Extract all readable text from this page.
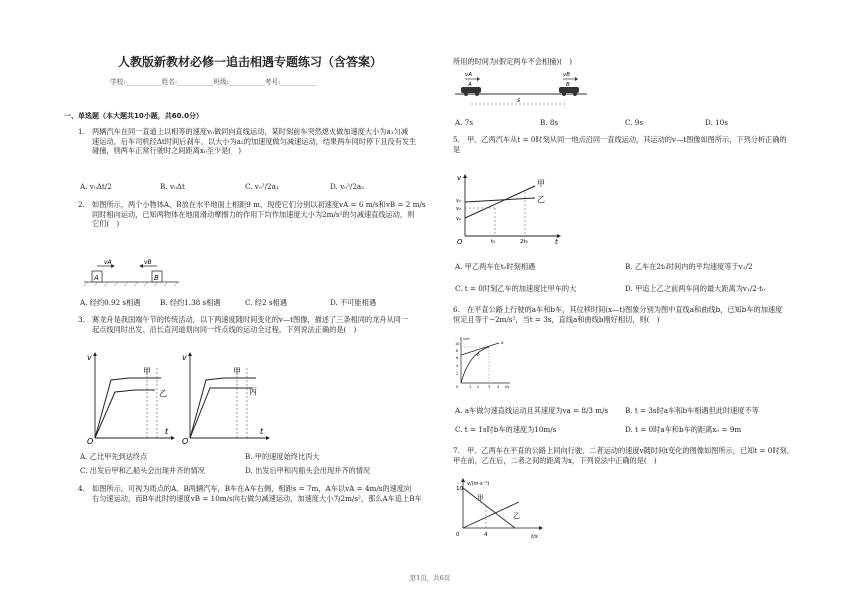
人教版新教材必修一追击相遇专题练习（含答案）
学校:___________姓名:___________班级:___________考号:___________
一、单选题（本大题共10小题，共60.0分）
1.　两辆汽车在同一直道上以相等的速度v₀做同向直线运动，某时刻前车突然熄火做加速度大小为a₁匀减
速运动，后车司机经Δt时间后刹车，以大小为a₂的加速度做匀减速运动，结果两车同时停下且没有发生
碰撞，则两车正常行驶时之间距离x₀至少是(　)
A. v₀Δt/2	B. v₀Δt	C. v₀²/2a₁	D. v₀²/2a₂
2.　如图所示，两个小物体A、B放在水平地面上相距9 m，现使它们分别以初速度vA = 6 m/s和vB = 2 m/s
同时相向运动，已知两物体在地面滑动摩擦力的作用下均作加速度大小为2m/s²的匀减速直线运动，则
它们(　)
A	B
vA	vB
A. 经约0.92 s相遇	B. 经约1.38 s相遇	C. 经2 s相遇	D. 不可能相遇
3.　赛龙舟是我国端午节的传统活动，以下两速度随时间变化的v—t图像，描述了三条相同的龙舟从同一
起点线同时出发、沿长直河道划向同一终点线的运动全过程，下列说法正确的是(　)
v
O
t
甲
乙
v
O
t
甲
丙
A. 乙比甲先到达终点	B. 甲的速度始终比丙大
C. 出发后甲和乙船头会出现并齐的情况	D. 出发后甲和丙船头会出现并齐的情况
4.　如图所示，可视为质点的A、B两辆汽车，B车在A车右侧，相距s = 7m，A车以vA = 4m/s的速度向
右匀速运动，而B车此时的速度vB = 10m/s向右做匀减速运动，加速度大小为2m/s²，那么A车追上B车
所用的时间为(假定两车不会相撞)(　)
vA	vB
A	B
s
A. 7s	B. 8s	C. 9s	D. 10s
5.　甲、乙两汽车从t = 0时刻从同一地点沿同一直线运动，其运动的v—t图像如图所示，下列分析正确的
是
v
O	t
v₁
v₂
v₂
t₀	2t₀
甲
乙
A. 甲乙两车在t₀时刻相遇	B. 乙车在2t₀时间内的平均速度等于v₂/2
C. t = 0时刻乙车的加速度比甲车的大	D. 甲追上乙之前两车间的最大距离为v₁/2·t₀
6.　在平直公路上行驶的a车和b车，其位移时间(x—t)图象分别为图中直线a和曲线b，已知b车的加速度
恒定且等于−2m/s²，当t = 3s，直线a和曲线b刚好相切，则(　)
x/m
0	t/s
10
8
6
4
2
1 2	3 4
a
b
A. a车做匀速直线运动且其速度为va = 8/3 m/s B. t = 3s时a车和b车相遇但此时速度不等
C. t = 1s时b车的速度为10m/s	D. t = 0时a车和b车的距离x₀ = 9m
7.　甲、乙两车在平直的公路上同向行驶，二者运动的速度v随时间t变化的图像如图所示，已知t = 0时刻，
甲在前，乙在后，二者之间的距离为x，下列说法中正确的是(　)
v/(m·s⁻¹)
10
0	4	t/s
甲
乙
第1页，共6页
